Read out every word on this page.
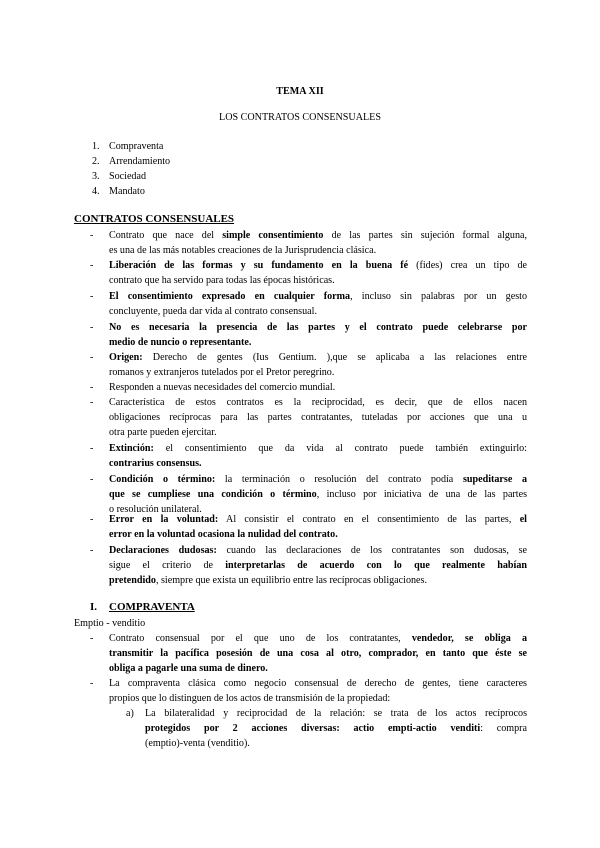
TEMA XII
LOS CONTRATOS CONSENSUALES
1. Compraventa
2. Arrendamiento
3. Sociedad
4. Mandato
CONTRATOS CONSENSUALES
- Contrato que nace del simple consentimiento de las partes sin sujeción formal alguna,
es una de las más notables creaciones de la Jurisprudencia clásica.
- Liberación de las formas y su fundamento en la buena fé (fides) crea un tipo de
contrato que ha servido para todas las épocas históricas.
- El consentimiento expresado en cualquier forma, incluso sin palabras por un gesto
concluyente, pueda dar vida al contrato consensual.
- No es necesaria la presencia de las partes y el contrato puede celebrarse por
medio de nuncio o representante.
- Origen: Derecho de gentes (Ius Gentium. ),que se aplicaba a las relaciones entre
romanos y extranjeros tutelados por el Pretor peregrino.
- Responden a nuevas necesidades del comercio mundial.
- Característica de estos contratos es la reciprocidad, es decir, que de ellos nacen
obligaciones recíprocas para las partes contratantes, tuteladas por acciones que una u
otra parte pueden ejercitar.
- Extinción: el consentimiento que da vida al contrato puede también extinguirlo:
contrarius consensus.
- Condición o término: la terminación o resolución del contrato podía supeditarse a
que se cumpliese una condición o término, incluso por iniciativa de una de las partes
o resolución unilateral.
- Error en la voluntad: Al consistir el contrato en el consentimiento de las partes, el
error en la voluntad ocasiona la nulidad del contrato.
- Declaraciones dudosas: cuando las declaraciones de los contratantes son dudosas, se
sigue el criterio de interpretarlas de acuerdo con lo que realmente habían
pretendido, siempre que exista un equilibrio entre las recíprocas obligaciones.
I. COMPRAVENTA
Emptio - venditio
- Contrato consensual por el que uno de los contratantes, vendedor, se obliga a
transmitir la pacífica posesión de una cosa al otro, comprador, en tanto que éste se
obliga a pagarle una suma de dinero.
- La compraventa clásica como negocio consensual de derecho de gentes, tiene caracteres
propios que lo distinguen de los actos de transmisión de la propiedad:
a) La bilateralidad y reciprocidad de la relación: se trata de los actos recíprocos
protegidos por 2 acciones diversas: actio empti-actio venditi: compra
(emptio)-venta (venditio).
